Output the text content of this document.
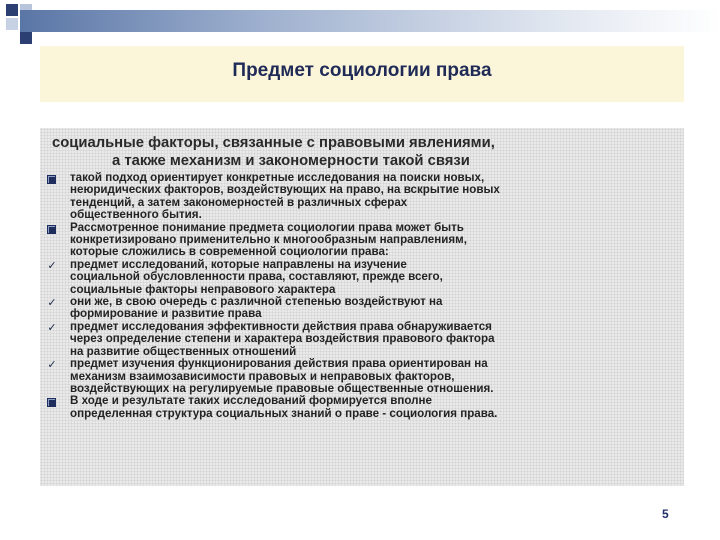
Предмет социологии права
социальные факторы, связанные с правовыми явлениями,
а также механизм и закономерности такой связи
такой подход ориентирует конкретные исследования на поиски новых,
неюридических факторов, воздействующих на право, на вскрытие новых
тенденций, а затем закономерностей в различных сферах
общественного бытия.
Рассмотренное понимание предмета социологии права может быть
конкретизировано применительно к многообразным направлениям,
которые сложились в современной социологии права:
✓ предмет исследований, которые направлены на изучение
социальной обусловленности права, составляют, прежде всего,
социальные факторы неправового характера
✓ они же, в свою очередь с различной степенью воздействуют на
формирование и развитие права
✓ предмет исследования эффективности действия права обнаруживается
через определение степени и характера воздействия правового фактора
на развитие общественных отношений
✓ предмет изучения функционирования действия права ориентирован на
механизм взаимозависимости правовых и неправовых факторов,
воздействующих на регулируемые правовые общественные отношения.
В ходе и результате таких исследований формируется вполне
определенная структура социальных знаний о праве - социология права.
5
